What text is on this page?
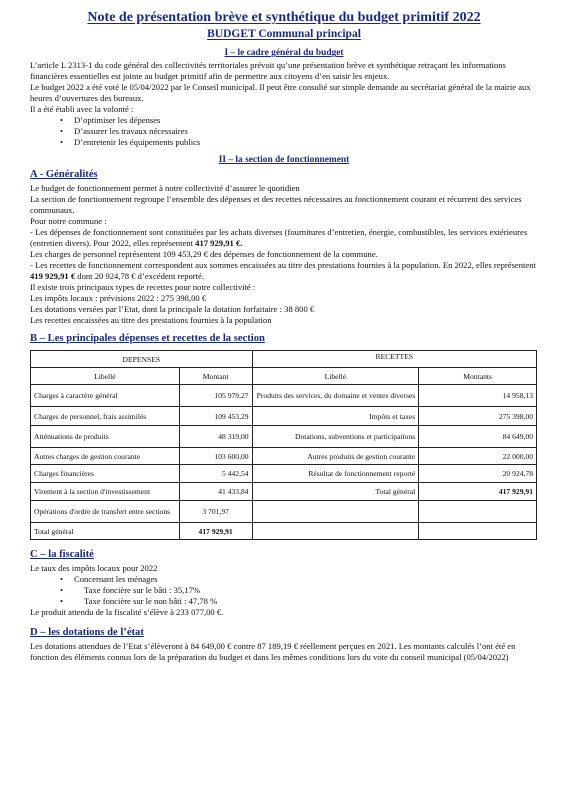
Note de présentation brève et synthétique du budget primitif 2022
BUDGET Communal principal
I – le cadre général du budget

L’article L 2313-1 du code général des collectivités territoriales prévoit qu’une présentation brève et synthétique retraçant les informations financières essentielles est jointe au budget primitif afin de permettre aux citoyens d’en saisir les enjeux.

Le budget 2022 a été voté le 05/04/2022 par le Conseil municipal. Il peut être consulté sur simple demande au secrétariat général de la mairie aux heures d’ouvertures des bureaux.

Il a été établi avec la volonté :

• D’optimiser les dépenses
• D’assurer les travaux nécessaires
• D’entretenir les équipements publics
II – la section de fonctionnement
A - Généralités

Le budget de fonctionnement permet à notre collectivité d’assurer le quotidien

La section de fonctionnement regroupe l’ensemble des dépenses et des recettes nécessaires au fonctionnement courant et récurrent des services communaux.

Pour notre commune :

- Les dépenses de fonctionnement sont constituées par les achats diverses (fournitures d’entretien, énergie, combustibles, les services extérieures (entretien divers). Pour 2022, elles représentent 417 929,91 €.

Les charges de personnel représentent 109 453,29 € des dépenses de fonctionnement de la commune.

- Les recettes de fonctionnement correspondent aux sommes encaissées au titre des prestations fournies à la population. En 2022, elles représentent 419 929,91 € dont 20 924,78 € d’excédent reporté.

Il existe trois principaux types de recettes pour notre collectivité :

Les impôts locaux : prévisions 2022 : 275 398,00 €

Les dotations versées par l’Etat, dont la principale la dotation forfaitaire : 38 800 €

Les recettes encaissées au titre des prestations fournies à la population

B – Les principales dépenses et recettes de la section
DEPENSES		RECETTES	
Libellé	Montant	Libellé	Montants
Charges à caractère général	105 979,27	Produits des services, du domaine et ventes diverses	14 958,13
Charges de personnel, frais assimilés	109 453,29	Impôts et taxes	275 398,00
Atténuations de produits	48 319,00	Dotations, subventions et participations	84 649,00
Autres charges de gestion courante	103 600,00	Autres produits de gestion courante	22 000,00
Charges financières	5 442,54	Résultat de fonctionnement reporté	20 924,78
Virement à la section d'investissement	41 433,84	Total général	417 929,91
Opérations d'ordre de transfert entre sections	3 701,97		
Total général	417 929,91		
C – la fiscalité

Le taux des impôts locaux pour 2022

• Concernant les ménages
• Taxe foncière sur le bâti : 35,17%
• Taxe foncière sur le non bâti : 47,78 %

Le produit attendu de la fiscalité s’élève à 233 077,00 €.

D – les dotations de l’état

Les dotations attendues de l’Etat s’élèveront à 84 649,00 € contre 87 189,19 € réellement perçues en 2021. Les montants calculés l’ont été en fonction des éléments connus lors de la préparation du budget et dans les mêmes conditions lors du vote du conseil municipal (05/04/2022)
